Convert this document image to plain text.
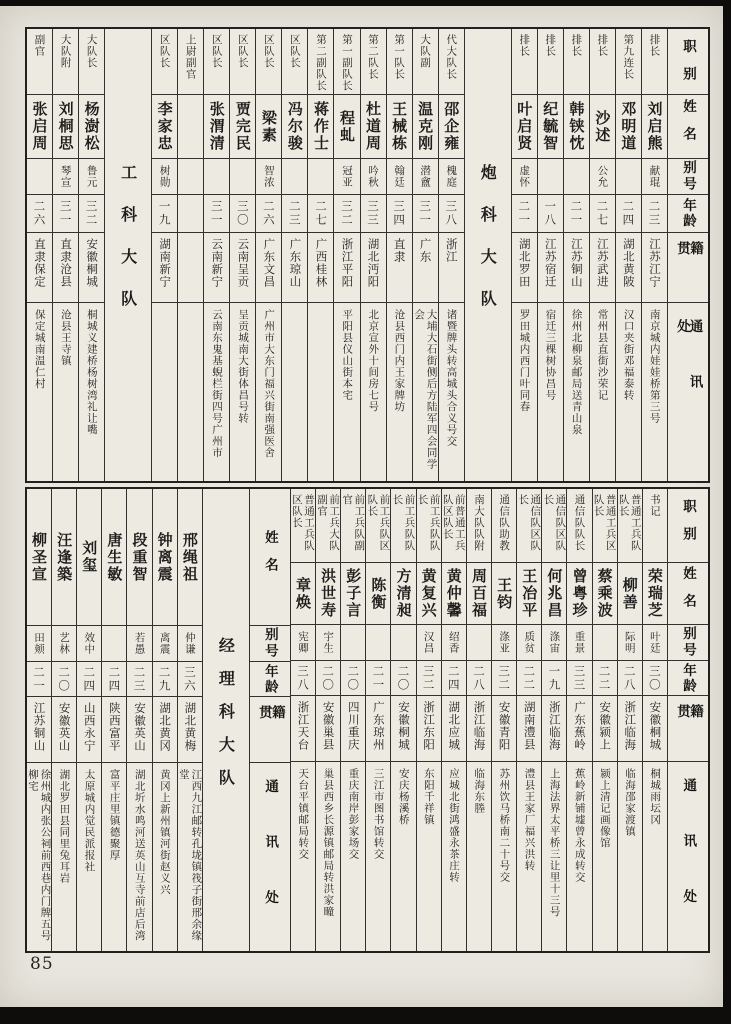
职别
姓名
别号
年龄
籍贯
通讯处
排长
刘启熊
献琨
二三
江苏江宁
南京城内娃娃桥第三号
第九连长
邓明道
二四
湖北黄陂
汉口夹街邓福泰转
排长
沙述
公允
二七
江苏武进
常州县直街沙荣记
排长
韩铗忱
二一
江苏铜山
徐州北柳泉邮局送青山泉
排长
纪毓智
一八
江苏宿迁
宿迁三棵树协昌号
排长
叶启贤
虚怀
二一
湖北罗田
罗田城内西门叶同春
炮科大队
代大队长
邵企雍
槐庭
三八
浙江
诸暨牌头转高城头合义号交
大队副
温克刚
潜盦
三一
广东
大埔大石街侧后方陆军四会同学会
第一队长
王械栋
翰廷
三四
直隶
沧县西门内王家牌坊
第二队长
杜道周
吟秋
三三
湖北沔阳
北京宣外十间房七号
第一副队长
程虬
冠亚
三二
浙江平阳
平阳县仪山街本宅
第二副队长
蒋作士
二七
广西桂林
区队长
冯尔骏
二三
广东琼山
区队长
梁素
智浓
二六
广东文昌
广州市大东门福兴街南强医舍
区队长
贾完民
三〇
云南呈贡
呈贡城南大街体昌号转
区队长
张渭清
三一
云南新宁
云南东鬼基蜺栏街四号广州市
上尉副官
区队长
李家忠
树勋
一九
湖南新宁
工科大队
大队长
杨澍松
鲁元
三二
安徽桐城
桐城义建桥杨树湾礼让嘴
大队附
刘桐思
琴宣
三一
直隶沧县
沧县王寺镇
副官
张启周
二六
直隶保定
保定城南温仁村
职别
姓名
别号
年龄
籍贯
通讯处
书记
荣瑞芝
叶廷
三〇
安徽桐城
桐城雨坛冈
普通工兵队队长
柳善
际明
二八
浙江临海
临海邵家渡镇
普通工兵区队长
蔡乘波
二二
安徽颍上
颍上清记画像馆
通信队队长
曾粤珍
重景
三三
广东蕉岭
蕉岭新铺墟曾永成转交
通信队区队长
何兆昌
涤宙
一九
浙江临海
上海法界太平桥三让里十三号
通信队区队长
王冶平
质贫
二二
湖南澧县
澧县王家厂福兴洪转
通信队助教
王钧
涤亚
三二
安徽青阳
苏州饮马桥南二十号交
南大队队附
周百福
二八
浙江临海
临海东塍
前普通工兵队区队长
黄仲馨
绍香
二四
湖北应城
应城北街鸿盛永茶庄转
前工兵队队长
黄复兴
汉昌
三二
浙江东阳
东阳千祥镇
前工兵队队长
方清昶
二〇
安徽桐城
安庆杨溪桥
前工兵队区队长
陈衡
二一
广东琼州
三江市图书馆转交
前工兵队副官
彭子言
二〇
四川重庆
重庆南岸彭家场交
前工兵大队副官
洪世寿
宇生
二〇
安徽巢县
巢县西乡长源镇邮局转洪家疃
普通工兵队区队长
章焕
宪卿
三八
浙江天台
天台平镇邮局转交
姓名
别号
年龄
籍贯
通讯处
经理科大队
邢绳祖
仲谦
三六
湖北黄梅
江西九江邮转孔垅镇筏子街邢余缘堂
钟离震
离震
二九
湖北黄冈
黄冈上新州镇河街赵义兴
段重智
若愚
二三
安徽英山
湖北圻水鸣河送英山互寺前店后湾
唐生敏
二四
陕西富平
富平庄里镇德聚厚
刘玺
效中
二四
山西永宁
太原城内觉民派报社
汪逢築
艺林
二〇
安徽英山
湖北罗田县同里兔耳岩
柳圣宣
田颊
二一
江苏铜山
徐州城内张公祠前西巷内门牌五号柳宅
85
